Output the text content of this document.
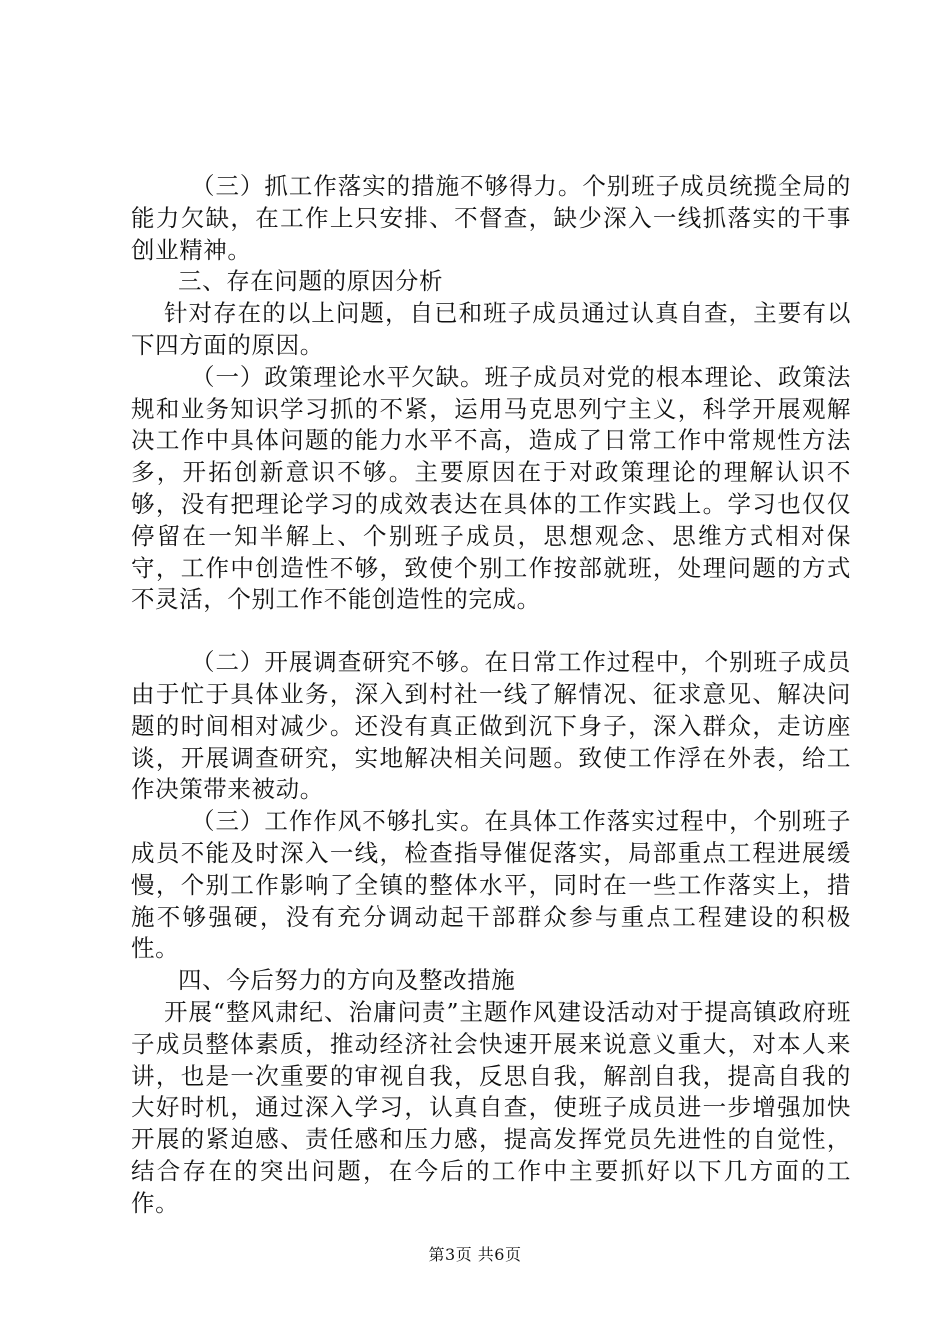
（三）抓工作落实的措施不够得力。个别班子成员统揽全局的能力欠缺，在工作上只安排、不督查，缺少深入一线抓落实的干事创业精神。

三、存在问题的原因分析

针对存在的以上问题，自已和班子成员通过认真自查，主要有以下四方面的原因。

（一）政策理论水平欠缺。班子成员对党的根本理论、政策法规和业务知识学习抓的不紧，运用马克思列宁主义，科学开展观解决工作中具体问题的能力水平不高，造成了日常工作中常规性方法多，开拓创新意识不够。主要原因在于对政策理论的理解认识不够，没有把理论学习的成效表达在具体的工作实践上。学习也仅仅停留在一知半解上、个别班子成员，思想观念、思维方式相对保守，工作中创造性不够，致使个别工作按部就班，处理问题的方式不灵活，个别工作不能创造性的完成。

（二）开展调查研究不够。在日常工作过程中，个别班子成员由于忙于具体业务，深入到村社一线了解情况、征求意见、解决问题的时间相对减少。还没有真正做到沉下身子，深入群众，走访座谈，开展调查研究，实地解决相关问题。致使工作浮在外表，给工作决策带来被动。

（三）工作作风不够扎实。在具体工作落实过程中，个别班子成员不能及时深入一线，检查指导催促落实，局部重点工程进展缓慢，个别工作影响了全镇的整体水平，同时在一些工作落实上，措施不够强硬，没有充分调动起干部群众参与重点工程建设的积极性。

四、今后努力的方向及整改措施

开展“整风肃纪、治庸问责”主题作风建设活动对于提高镇政府班子成员整体素质，推动经济社会快速开展来说意义重大，对本人来讲，也是一次重要的审视自我，反思自我，解剖自我，提高自我的大好时机，通过深入学习，认真自查，使班子成员进一步增强加快开展的紧迫感、责任感和压力感，提高发挥党员先进性的自觉性，结合存在的突出问题，在今后的工作中主要抓好以下几方面的工作。

第3页 共6页
